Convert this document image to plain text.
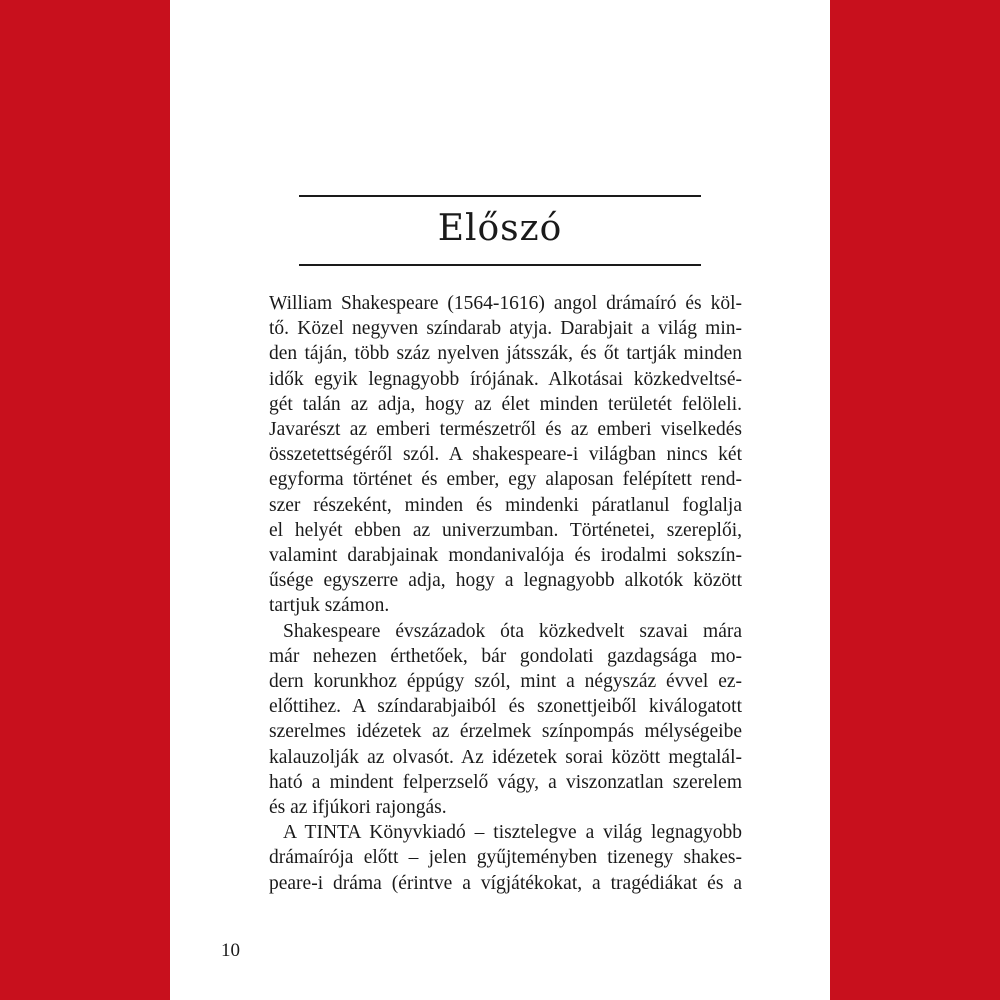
Előszó
William Shakespeare (1564-1616) angol drámaíró és köl-
tő. Közel negyven színdarab atyja. Darabjait a világ min-
den táján, több száz nyelven játsszák, és őt tartják minden
idők egyik legnagyobb írójának. Alkotásai közkedveltsé-
gét talán az adja, hogy az élet minden területét felöleli.
Javarészt az emberi természetről és az emberi viselkedés
összetettségéről szól. A shakespeare-i világban nincs két
egyforma történet és ember, egy alaposan felépített rend-
szer részeként, minden és mindenki páratlanul foglalja
el helyét ebben az univerzumban. Történetei, szereplői,
valamint darabjainak mondanivalója és irodalmi sokszín-
űsége egyszerre adja, hogy a legnagyobb alkotók között
tartjuk számon.
Shakespeare évszázadok óta közkedvelt szavai mára
már nehezen érthetőek, bár gondolati gazdagsága mo-
dern korunkhoz éppúgy szól, mint a négyszáz évvel ez-
előttihez. A színdarabjaiból és szonettjeiből kiválogatott
szerelmes idézetek az érzelmek színpompás mélységeibe
kalauzolják az olvasót. Az idézetek sorai között megtalál-
ható a mindent felperzselő vágy, a viszonzatlan szerelem
és az ifjúkori rajongás.
A TINTA Könyvkiadó – tisztelegve a világ legnagyobb
drámaírója előtt – jelen gyűjteményben tizenegy shakes-
peare-i dráma (érintve a vígjátékokat, a tragédiákat és a
10
